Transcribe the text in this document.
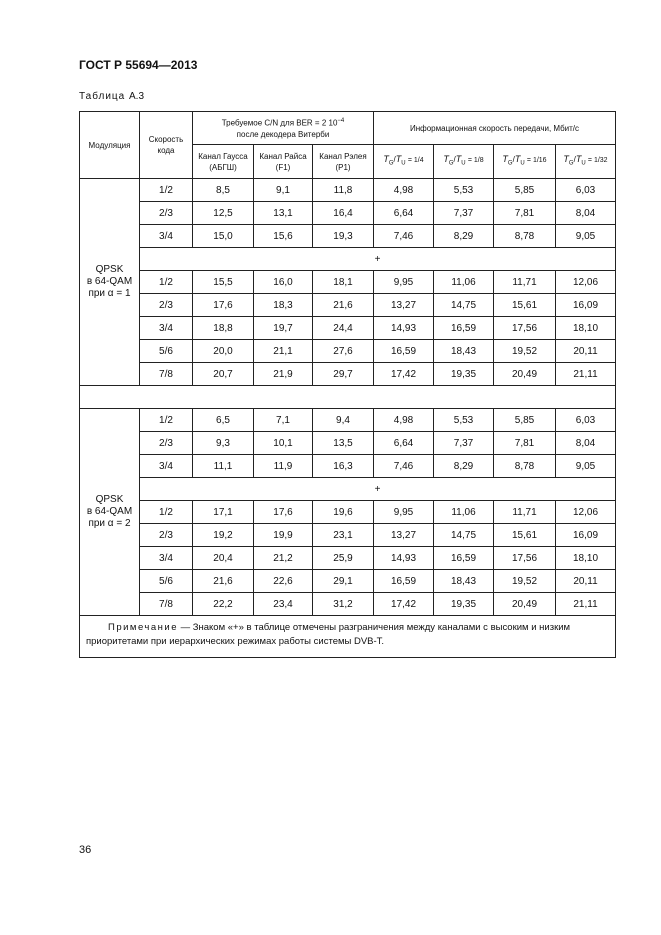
ГОСТ Р 55694—2013
Таблица А.3
Модуляция	Скорость кода	Требуемое C/N для BER = 2 $10^{-4}$
после декодера Витерби			Информационная скорость передачи, Мбит/с			
		Канал Гаусса (АБГШ)	Канал Райса (F1)	Канал Рэлея (P1)	$T_G/T_U = 1/4$	$T_G/T_U = 1/8$	$T_G/T_U = 1/16$	$T_G/T_U = 1/32$

QPSK
в 64-QAM
при α = 1	1/2	8,5	9,1	11,8	4,98	5,53	5,85	6,03
	2/3	12,5	13,1	16,4	6,64	7,37	7,81	8,04
	3/4	15,0	15,6	19,3	7,46	8,29	8,78	9,05
	+							
	1/2	15,5	16,0	18,1	9,95	11,06	11,71	12,06
	2/3	17,6	18,3	21,6	13,27	14,75	15,61	16,09
	3/4	18,8	19,7	24,4	14,93	16,59	17,56	18,10
	5/6	20,0	21,1	27,6	16,59	18,43	19,52	20,11
	7/8	20,7	21,9	29,7	17,42	19,35	20,49	21,11

QPSK
в 64-QAM
при α = 2	1/2	6,5	7,1	9,4	4,98	5,53	5,85	6,03
	2/3	9,3	10,1	13,5	6,64	7,37	7,81	8,04
	3/4	11,1	11,9	16,3	7,46	8,29	8,78	9,05
	+							
	1/2	17,1	17,6	19,6	9,95	11,06	11,71	12,06
	2/3	19,2	19,9	23,1	13,27	14,75	15,61	16,09
	3/4	20,4	21,2	25,9	14,93	16,59	17,56	18,10
	5/6	21,6	22,6	29,1	16,59	18,43	19,52	20,11
	7/8	22,2	23,4	31,2	17,42	19,35	20,49	21,11
Примечание — Знаком «+» в таблице отмечены разграничения между каналами с высоким и низким приоритетами при иерархических режимах работы системы DVB-T.								
36
